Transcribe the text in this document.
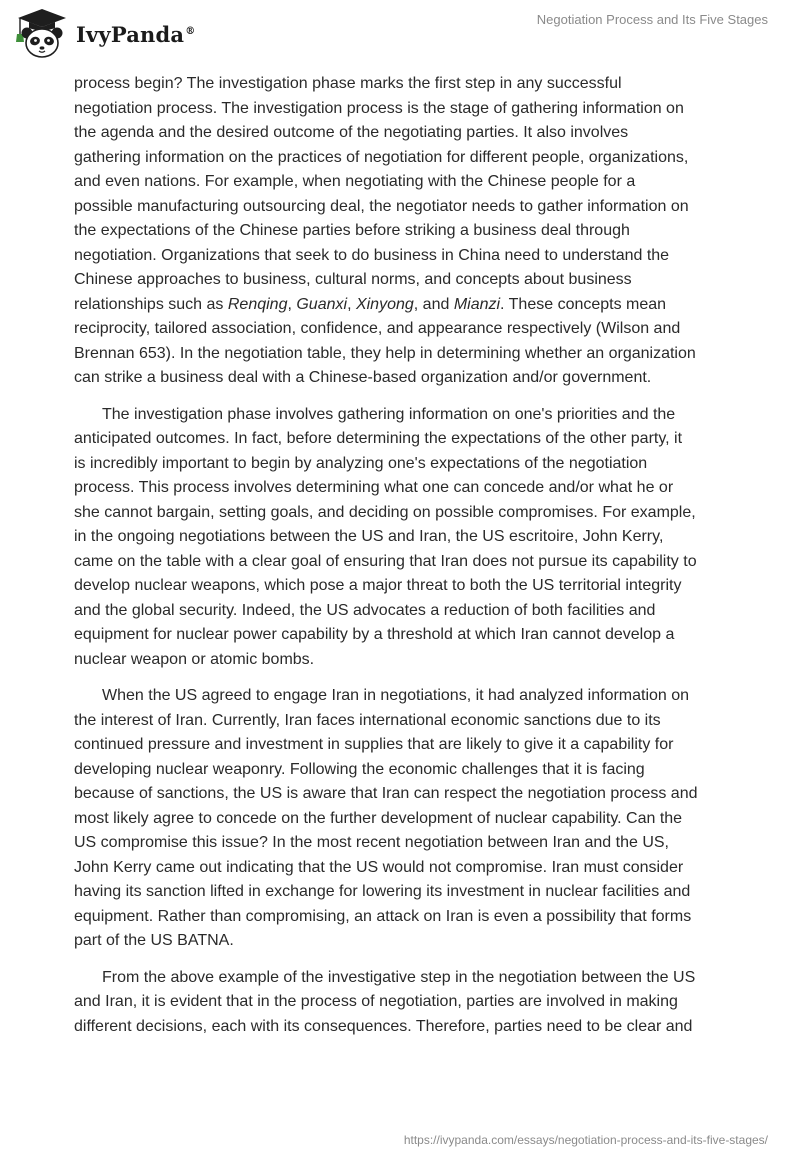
IvyPanda®
Negotiation Process and Its Five Stages

process begin? The investigation phase marks the first step in any successful
negotiation process. The investigation process is the stage of gathering information on
the agenda and the desired outcome of the negotiating parties. It also involves
gathering information on the practices of negotiation for different people, organizations,
and even nations. For example, when negotiating with the Chinese people for a
possible manufacturing outsourcing deal, the negotiator needs to gather information on
the expectations of the Chinese parties before striking a business deal through
negotiation. Organizations that seek to do business in China need to understand the
Chinese approaches to business, cultural norms, and concepts about business
relationships such as Renqing, Guanxi, Xinyong, and Mianzi. These concepts mean
reciprocity, tailored association, confidence, and appearance respectively (Wilson and
Brennan 653). In the negotiation table, they help in determining whether an organization
can strike a business deal with a Chinese-based organization and/or government.

The investigation phase involves gathering information on one's priorities and the
anticipated outcomes. In fact, before determining the expectations of the other party, it
is incredibly important to begin by analyzing one's expectations of the negotiation
process. This process involves determining what one can concede and/or what he or
she cannot bargain, setting goals, and deciding on possible compromises. For example,
in the ongoing negotiations between the US and Iran, the US escritoire, John Kerry,
came on the table with a clear goal of ensuring that Iran does not pursue its capability to
develop nuclear weapons, which pose a major threat to both the US territorial integrity
and the global security. Indeed, the US advocates a reduction of both facilities and
equipment for nuclear power capability by a threshold at which Iran cannot develop a
nuclear weapon or atomic bombs.

When the US agreed to engage Iran in negotiations, it had analyzed information on
the interest of Iran. Currently, Iran faces international economic sanctions due to its
continued pressure and investment in supplies that are likely to give it a capability for
developing nuclear weaponry. Following the economic challenges that it is facing
because of sanctions, the US is aware that Iran can respect the negotiation process and
most likely agree to concede on the further development of nuclear capability. Can the
US compromise this issue? In the most recent negotiation between Iran and the US,
John Kerry came out indicating that the US would not compromise. Iran must consider
having its sanction lifted in exchange for lowering its investment in nuclear facilities and
equipment. Rather than compromising, an attack on Iran is even a possibility that forms
part of the US BATNA.

From the above example of the investigative step in the negotiation between the US
and Iran, it is evident that in the process of negotiation, parties are involved in making
different decisions, each with its consequences. Therefore, parties need to be clear and

https://ivypanda.com/essays/negotiation-process-and-its-five-stages/
